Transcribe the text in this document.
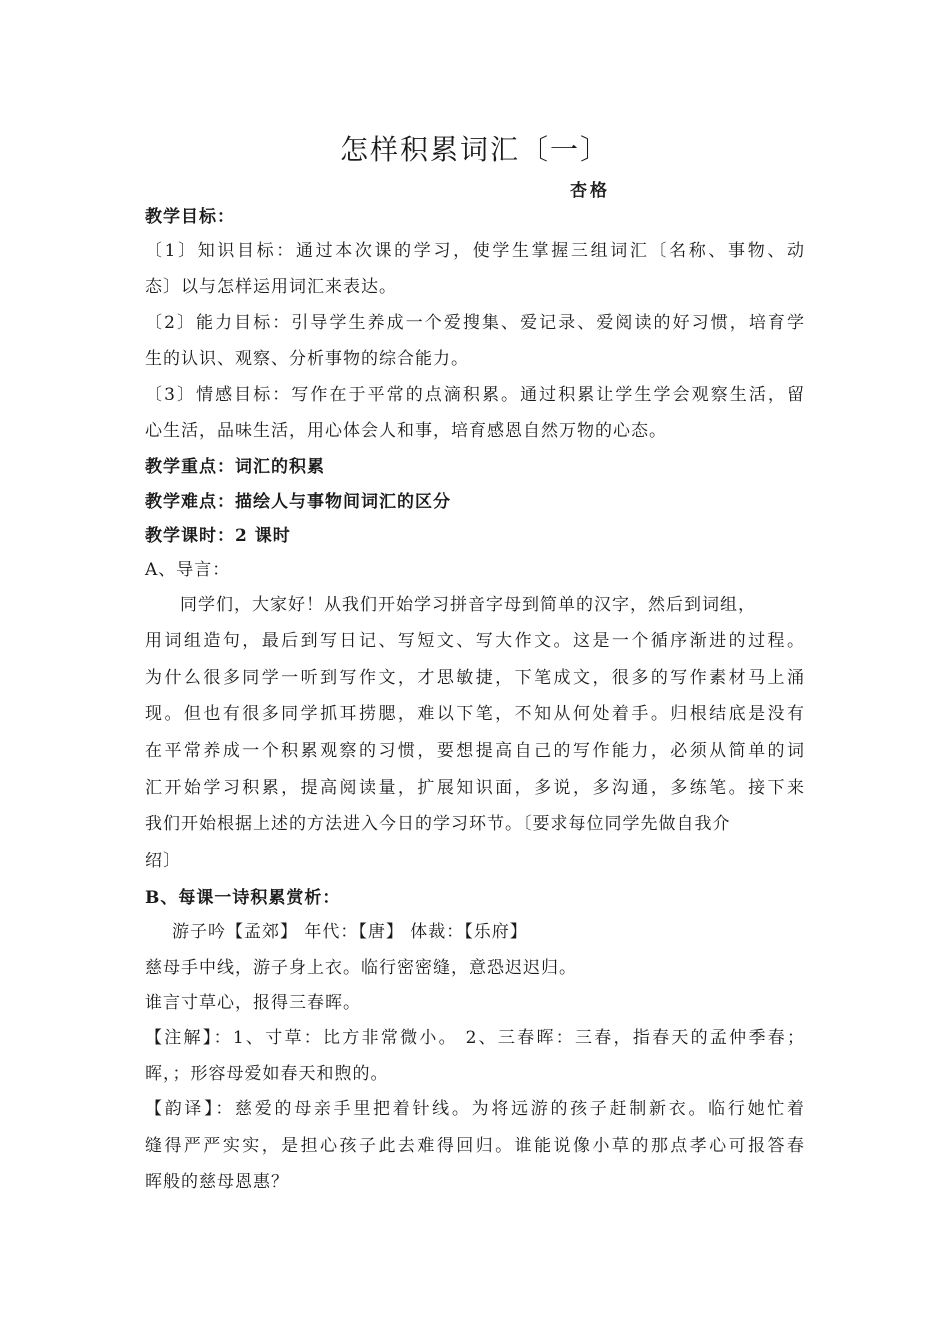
怎样积累词汇〔一〕
杏格
教学目标：
〔1〕知识目标：通过本次课的学习，使学生掌握三组词汇〔名称、事物、动
态〕以与怎样运用词汇来表达。
〔2〕能力目标：引导学生养成一个爱搜集、爱记录、爱阅读的好习惯，培育学
生的认识、观察、分析事物的综合能力。
〔3〕情感目标：写作在于平常的点滴积累。通过积累让学生学会观察生活，留
心生活，品味生活，用心体会人和事，培育感恩自然万物的心态。
教学重点：词汇的积累
教学难点：描绘人与事物间词汇的区分
教学课时：2 课时
A、导言：
同学们，大家好！从我们开始学习拼音字母到简单的汉字，然后到词组，
用词组造句，最后到写日记、写短文、写大作文。这是一个循序渐进的过程。
为什么很多同学一听到写作文，才思敏捷，下笔成文，很多的写作素材马上涌
现。但也有很多同学抓耳捞腮，难以下笔，不知从何处着手。归根结底是没有
在平常养成一个积累观察的习惯，要想提高自己的写作能力，必须从简单的词
汇开始学习积累，提高阅读量，扩展知识面，多说，多沟通，多练笔。接下来
我们开始根据上述的方法进入今日的学习环节。〔要求每位同学先做自我介
绍〕
B、每课一诗积累赏析：
游子吟【孟郊】 年代：【唐】 体裁：【乐府】
慈母手中线，游子身上衣。临行密密缝，意恐迟迟归。
谁言寸草心，报得三春晖。
【注解】：1、寸草：比方非常微小。 2、三春晖：三春，指春天的孟仲季春；
晖，；形容母爱如春天和煦的。
【韵译】：慈爱的母亲手里把着针线。为将远游的孩子赶制新衣。临行她忙着
缝得严严实实，是担心孩子此去难得回归。谁能说像小草的那点孝心可报答春
晖般的慈母恩惠？
